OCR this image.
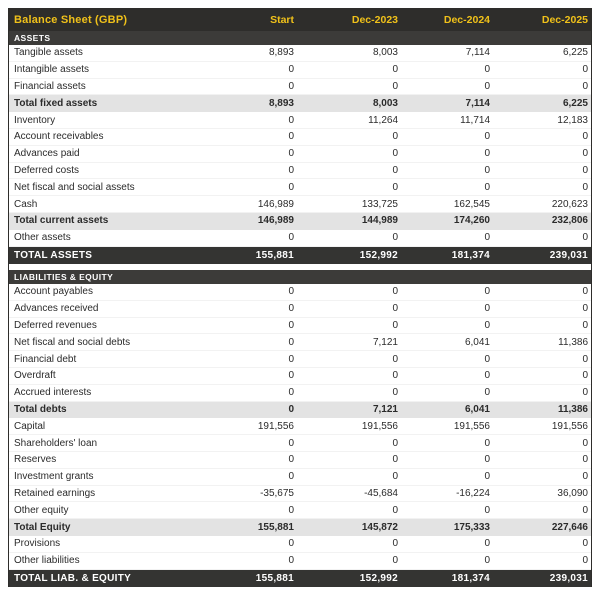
Balance Sheet (GBP)	Start	Dec-2023	Dec-2024	Dec-2025
ASSETS
Tangible assets	8,893	8,003	7,114	6,225
Intangible assets	0	0	0	0
Financial assets	0	0	0	0
Total fixed assets	8,893	8,003	7,114	6,225
Inventory	0	11,264	11,714	12,183
Account receivables	0	0	0	0
Advances paid	0	0	0	0
Deferred costs	0	0	0	0
Net fiscal and social assets	0	0	0	0
Cash	146,989	133,725	162,545	220,623
Total current assets	146,989	144,989	174,260	232,806
Other assets	0	0	0	0
TOTAL ASSETS	155,881	152,992	181,374	239,031
LIABILITIES & EQUITY
Account payables	0	0	0	0
Advances received	0	0	0	0
Deferred revenues	0	0	0	0
Net fiscal and social debts	0	7,121	6,041	11,386
Financial debt	0	0	0	0
Overdraft	0	0	0	0
Accrued interests	0	0	0	0
Total debts	0	7,121	6,041	11,386
Capital	191,556	191,556	191,556	191,556
Shareholders' loan	0	0	0	0
Reserves	0	0	0	0
Investment grants	0	0	0	0
Retained earnings	-35,675	-45,684	-16,224	36,090
Other equity	0	0	0	0
Total Equity	155,881	145,872	175,333	227,646
Provisions	0	0	0	0
Other liabilities	0	0	0	0
TOTAL LIAB. & EQUITY	155,881	152,992	181,374	239,031
